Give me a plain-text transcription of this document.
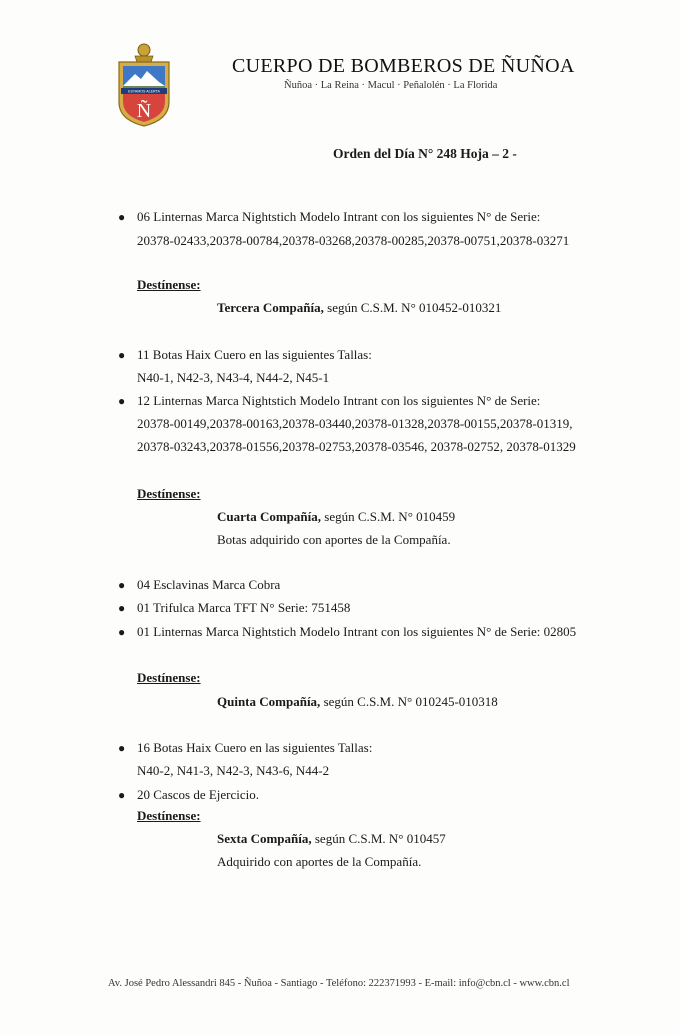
ESTAMOS ALERTA
Ñ
CUERPO DE BOMBEROS DE ÑUÑOA
Ñuñoa · La Reina · Macul · Peñalolén · La Florida
Orden del Día N° 248 Hoja – 2 -
● 06 Linternas Marca Nightstich Modelo Intrant con los siguientes N° de Serie:
20378-02433,20378-00784,20378-03268,20378-00285,20378-00751,20378-03271
Destínense:
Tercera Compañía, según C.S.M. N° 010452-010321
● 11 Botas Haix Cuero en las siguientes Tallas:
N40-1, N42-3, N43-4, N44-2, N45-1
● 12 Linternas Marca Nightstich Modelo Intrant con los siguientes N° de Serie:
20378-00149,20378-00163,20378-03440,20378-01328,20378-00155,20378-01319,
20378-03243,20378-01556,20378-02753,20378-03546, 20378-02752, 20378-01329
Destínense:
Cuarta Compañía, según C.S.M. N° 010459
Botas adquirido con aportes de la Compañía.
● 04 Esclavinas Marca Cobra
● 01 Trifulca Marca TFT N° Serie: 751458
● 01 Linternas Marca Nightstich Modelo Intrant con los siguientes N° de Serie: 02805
Destínense:
Quinta Compañía, según C.S.M. N° 010245-010318
● 16 Botas Haix Cuero en las siguientes Tallas:
N40-2, N41-3, N42-3, N43-6, N44-2
● 20 Cascos de Ejercicio.
Destínense:
Sexta Compañía, según C.S.M. N° 010457
Adquirido con aportes de la Compañía.
Av. José Pedro Alessandri 845 - Ñuñoa - Santiago - Teléfono: 222371993 - E-mail: info@cbn.cl - www.cbn.cl
